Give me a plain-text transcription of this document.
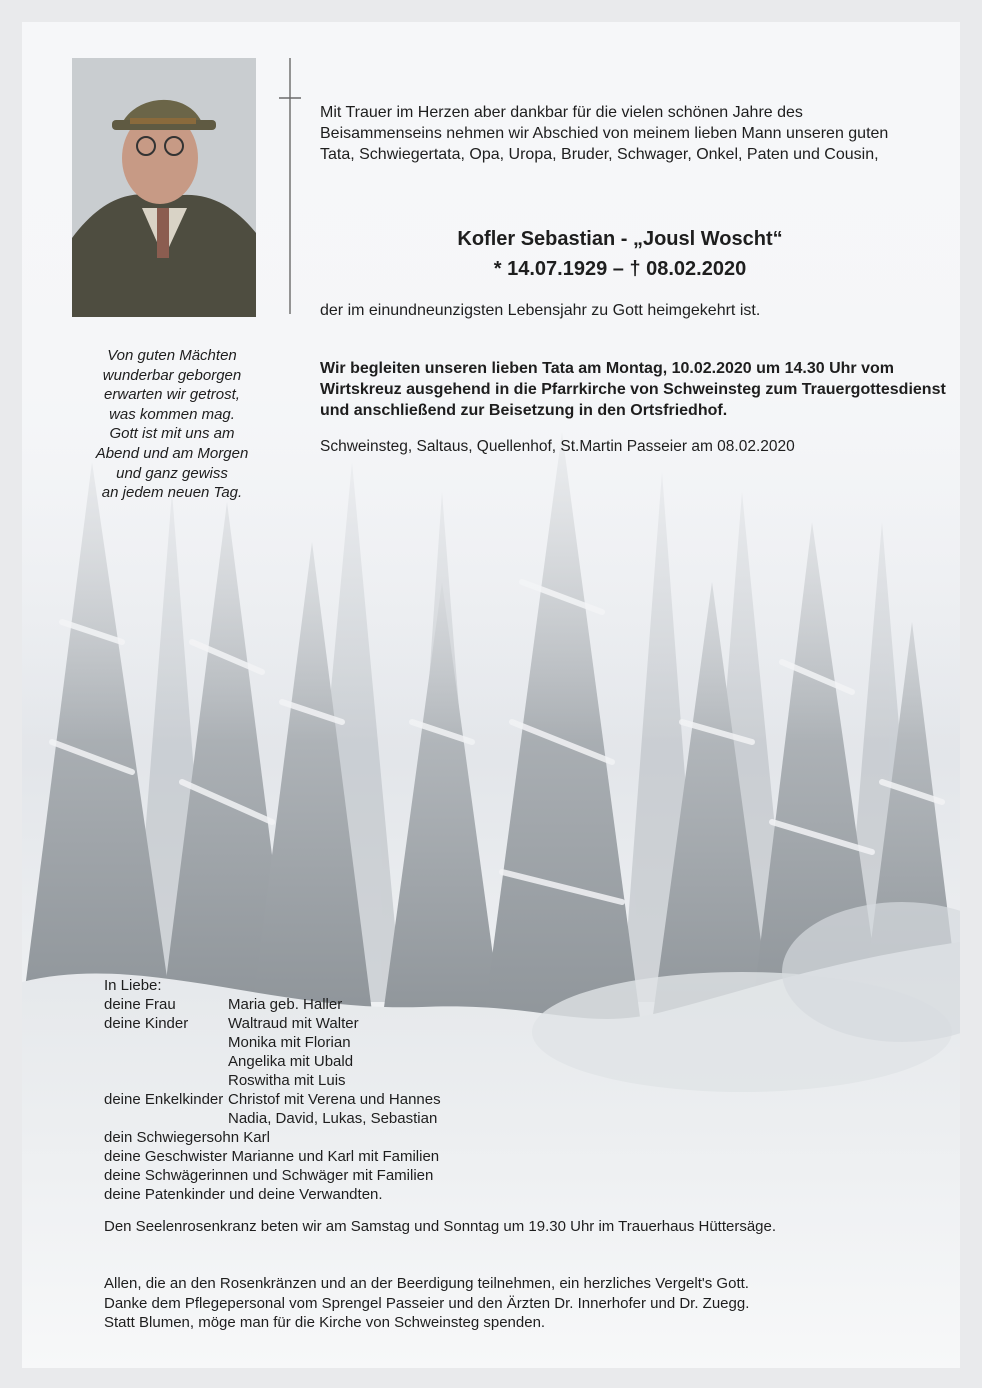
Mit Trauer im Herzen aber dankbar für die vielen schönen Jahre des Beisammenseins nehmen wir Abschied von meinem lieben Mann unseren guten Tata, Schwiegertata, Opa, Uropa, Bruder, Schwager, Onkel, Paten und Cousin,

Kofler Sebastian - „Jousl Woscht“
* 14.07.1929 – † 08.02.2020

der im einundneunzigsten Lebensjahr zu Gott heimgekehrt ist.

Wir begleiten unseren lieben Tata am Montag, 10.02.2020 um 14.30 Uhr vom Wirtskreuz ausgehend in die Pfarrkirche von Schweinsteg zum Trauergottesdienst und anschließend zur Beisetzung in den Ortsfriedhof.

Schweinsteg, Saltaus, Quellenhof, St.Martin Passeier am 08.02.2020

Von guten Mächten
wunderbar geborgen
erwarten wir getrost,
was kommen mag.
Gott ist mit uns am
Abend und am Morgen
und ganz gewiss
an jedem neuen Tag.
In Liebe:
deine Frau	Maria geb. Haller
deine Kinder	Waltraud mit Walter
Monika mit Florian
Angelika mit Ubald
Roswitha mit Luis
deine Enkelkinder Christof mit Verena und Hannes
Nadia, David, Lukas, Sebastian
dein Schwiegersohn Karl
deine Geschwister Marianne und Karl mit Familien
deine Schwägerinnen und Schwäger mit Familien
deine Patenkinder und deine Verwandten.

Den Seelenrosenkranz beten wir am Samstag und Sonntag um 19.30 Uhr im Trauerhaus Hüttersäge.

Allen, die an den Rosenkränzen und an der Beerdigung teilnehmen, ein herzliches Vergelt's Gott.
Danke dem Pflegepersonal vom Sprengel Passeier und den Ärzten Dr. Innerhofer und Dr. Zuegg.
Statt Blumen, möge man für die Kirche von Schweinsteg spenden.
